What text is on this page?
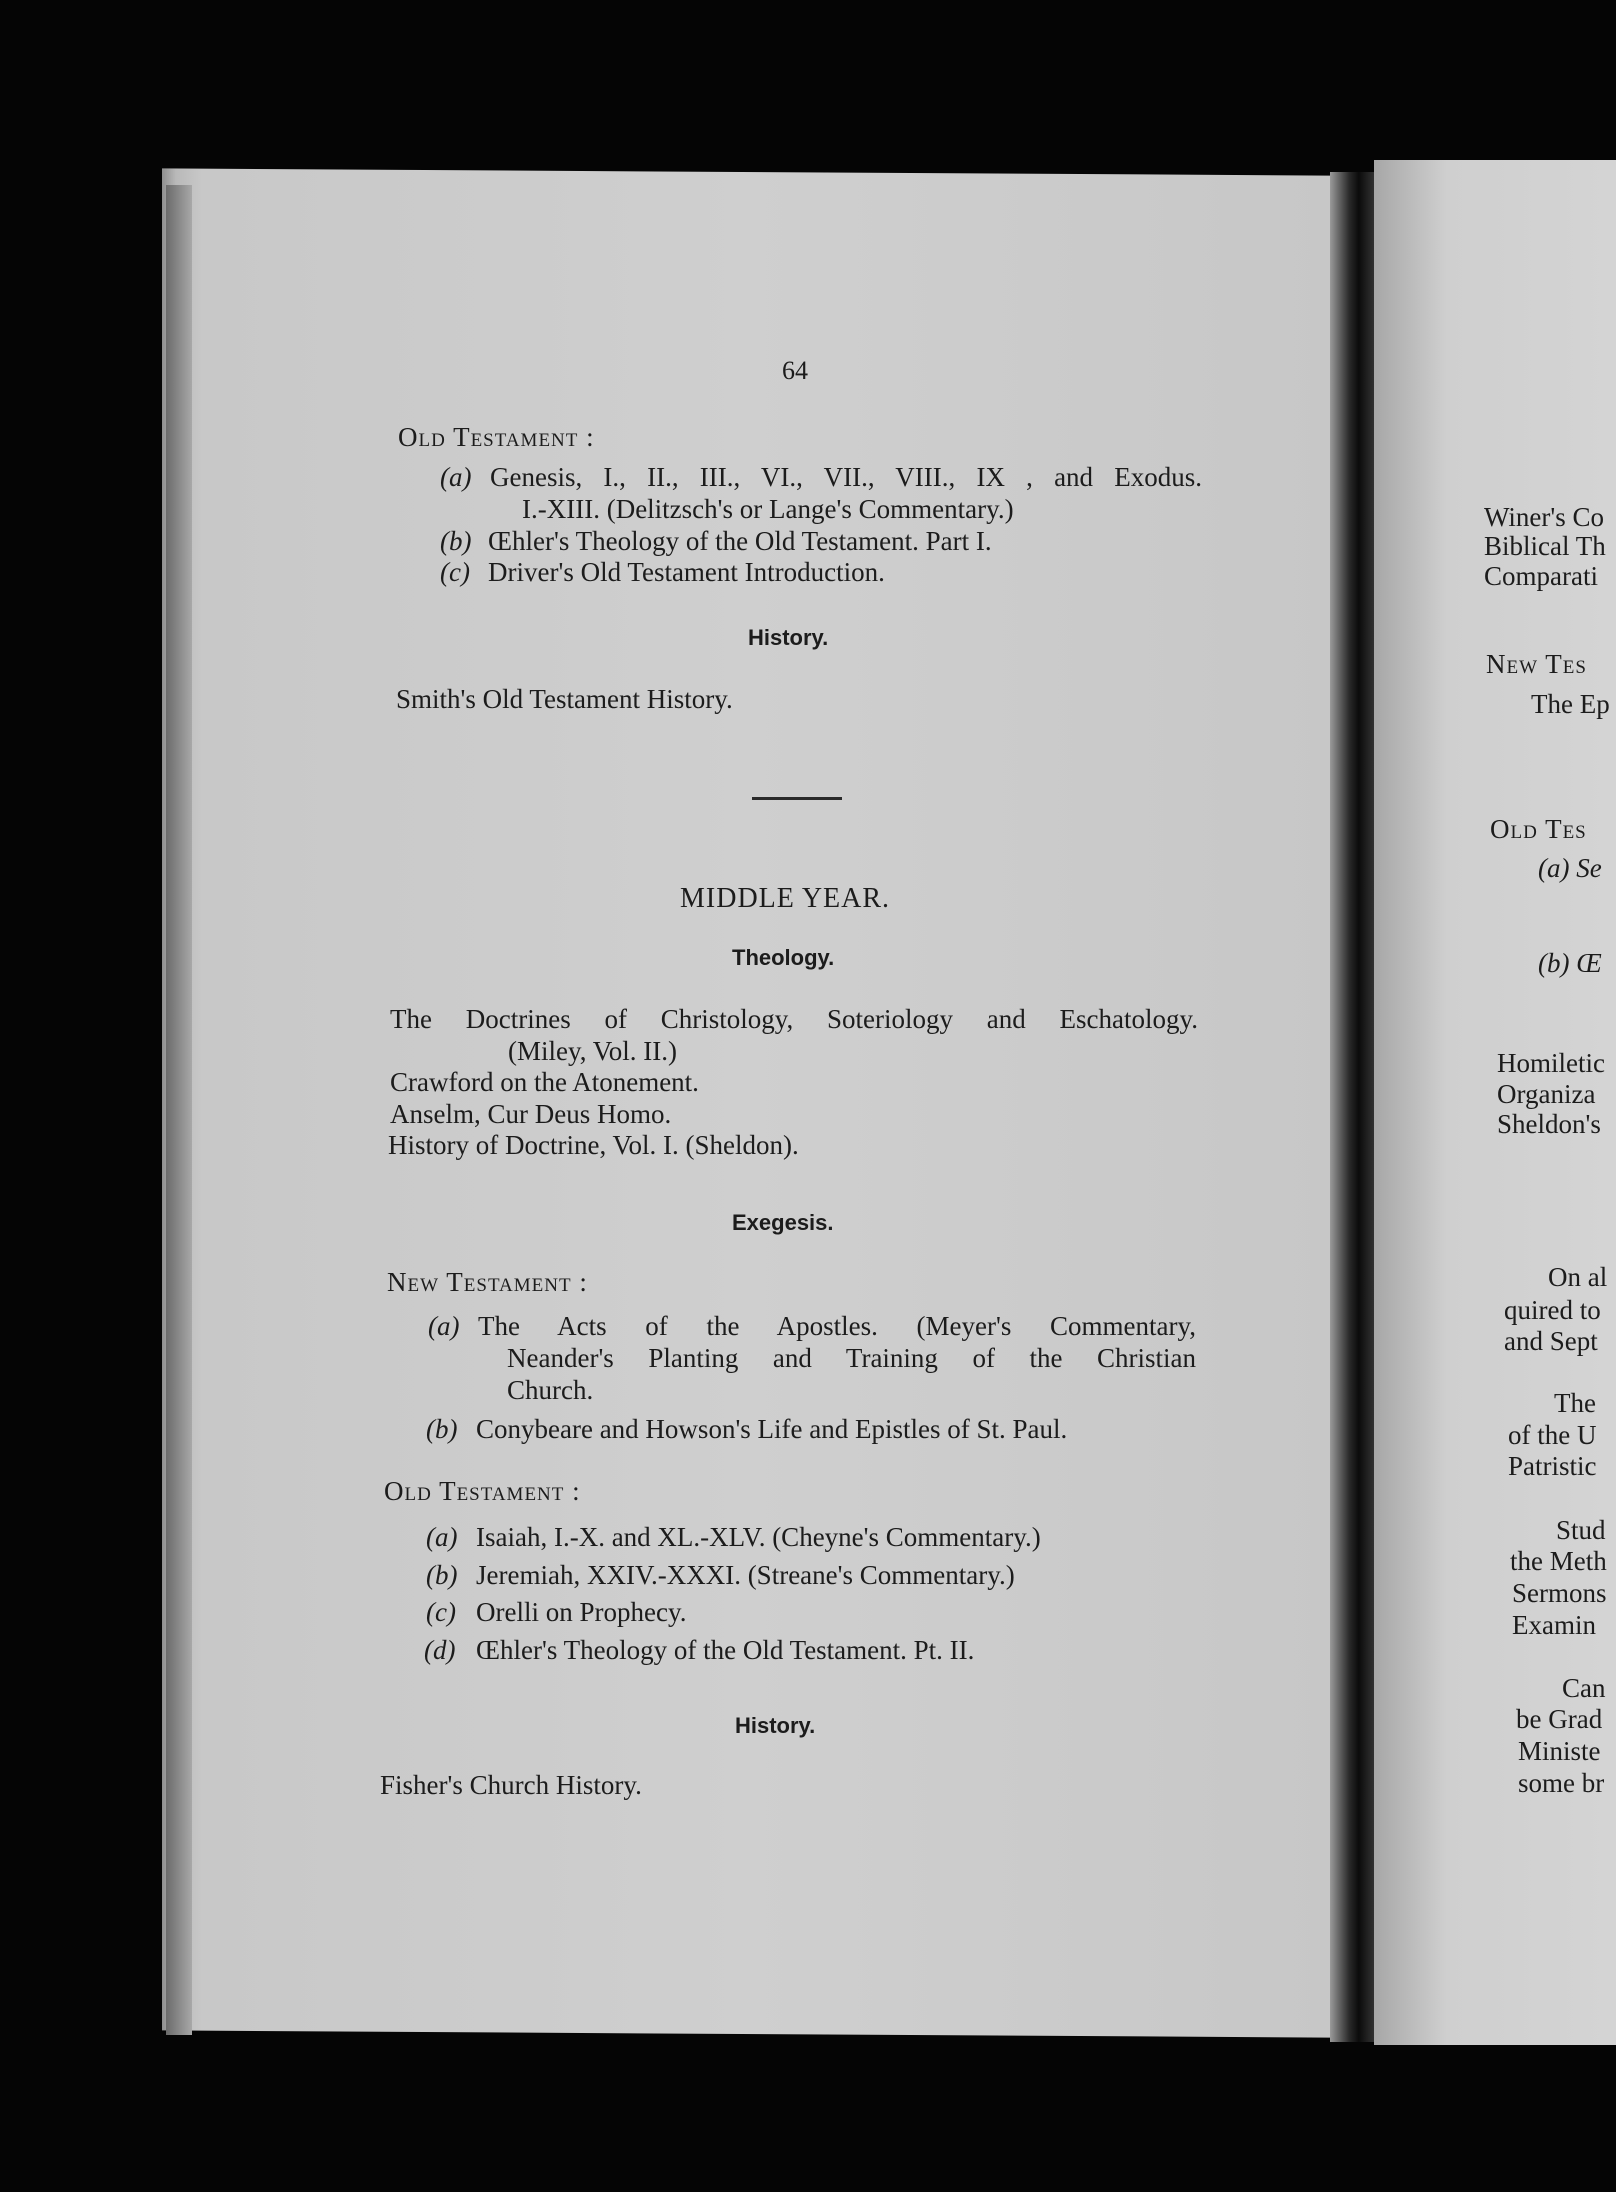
64
Old Testament :
(a) Genesis, I., II., III., VI., VII., VIII., IX , and Exodus.
I.-XIII. (Delitzsch's or Lange's Commentary.)
(b) Œhler's Theology of the Old Testament. Part I.
(c) Driver's Old Testament Introduction.
History.
Smith's Old Testament History.
MIDDLE YEAR.
Theology.
The Doctrines of Christology, Soteriology and Eschatology.
(Miley, Vol. II.)
Crawford on the Atonement.
Anselm, Cur Deus Homo.
History of Doctrine, Vol. I. (Sheldon).
Exegesis.
New Testament :
(a) The Acts of the Apostles. (Meyer's Commentary,
Neander's Planting and Training of the Christian
Church.
(b) Conybeare and Howson's Life and Epistles of St. Paul.
Old Testament :
(a) Isaiah, I.-X. and XL.-XLV. (Cheyne's Commentary.)
(b) Jeremiah, XXIV.-XXXI. (Streane's Commentary.)
(c) Orelli on Prophecy.
(d) Œhler's Theology of the Old Testament. Pt. II.
History.
Fisher's Church History.
Winer's Co
Biblical Th
Comparati
New Tes
The Ep
Old Tes
(a) Se
(b) Œ
Homiletic
Organiza
Sheldon's
On al
quired to
and Sept
The
of the U
Patristic
Stud
the Meth
Sermons
Examin
Can
be Grad
Ministe
some br
